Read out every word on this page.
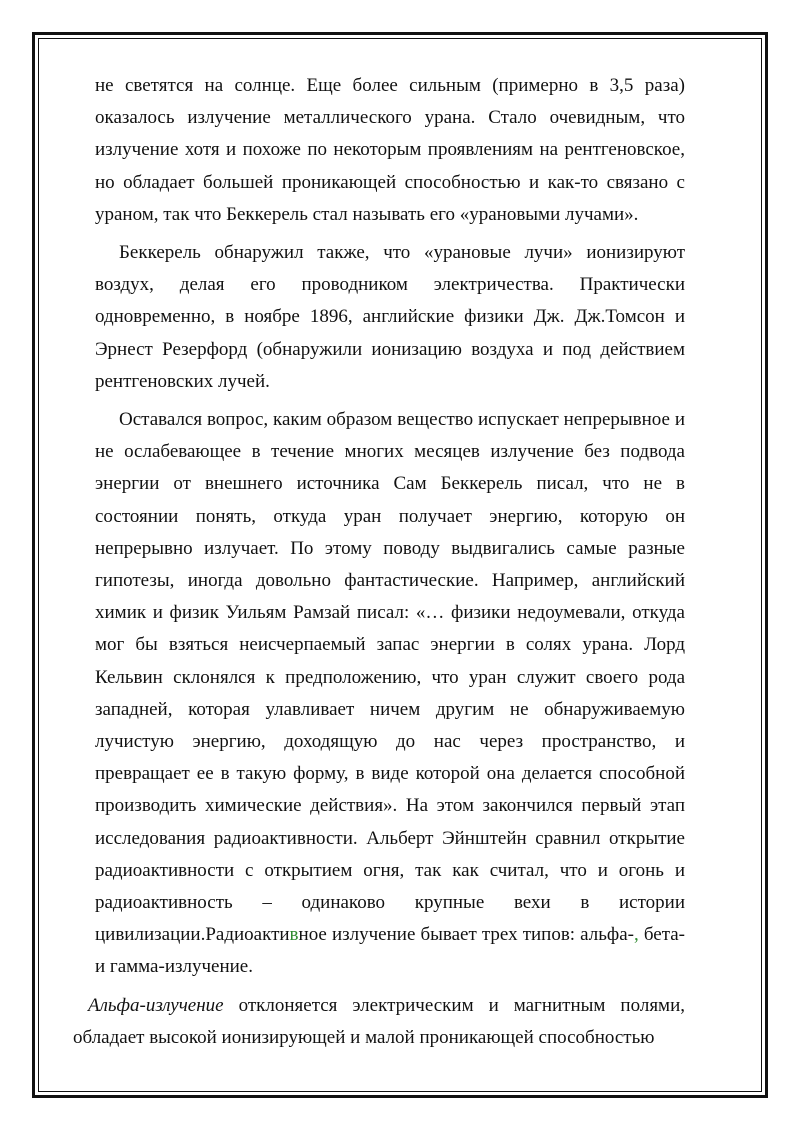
не светятся на солнце. Еще более сильным (примерно в 3,5 раза) оказалось излучение металлического урана. Стало очевидным, что излучение хотя и похоже по некоторым проявлениям на рентгеновское, но обладает большей проникающей способностью и как-то связано с ураном, так что Беккерель стал называть его «урановыми лучами».

Беккерель обнаружил также, что «урановые лучи» ионизируют воздух, делая его проводником электричества. Практически одновременно, в ноябре 1896, английские физики Дж. Дж.Томсон и Эрнест Резерфорд (обнаружили ионизацию воздуха и под действием рентгеновских лучей.

Оставался вопрос, каким образом вещество испускает непрерывное и не ослабевающее в течение многих месяцев излучение без подвода энергии от внешнего источника Сам Беккерель писал, что не в состоянии понять, откуда уран получает энергию, которую он непрерывно излучает. По этому поводу выдвигались самые разные гипотезы, иногда довольно фантастические. Например, английский химик и физик Уильям Рамзай писал: «… физики недоумевали, откуда мог бы взяться неисчерпаемый запас энергии в солях урана. Лорд Кельвин склонялся к предположению, что уран служит своего рода западней, которая улавливает ничем другим не обнаруживаемую лучистую энергию, доходящую до нас через пространство, и превращает ее в такую форму, в виде которой она делается способной производить химические действия». На этом закончился первый этап исследования радиоактивности. Альберт Эйнштейн сравнил открытие радиоактивности с открытием огня, так как считал, что и огонь и радиоактивность – одинаково крупные вехи в истории цивилизации.Радиоактивное излучение бывает трех типов: альфа-, бета- и гамма-излучение.

Альфа-излучение отклоняется электрическим и магнитным полями, обладает высокой ионизирующей и малой проникающей способностью
